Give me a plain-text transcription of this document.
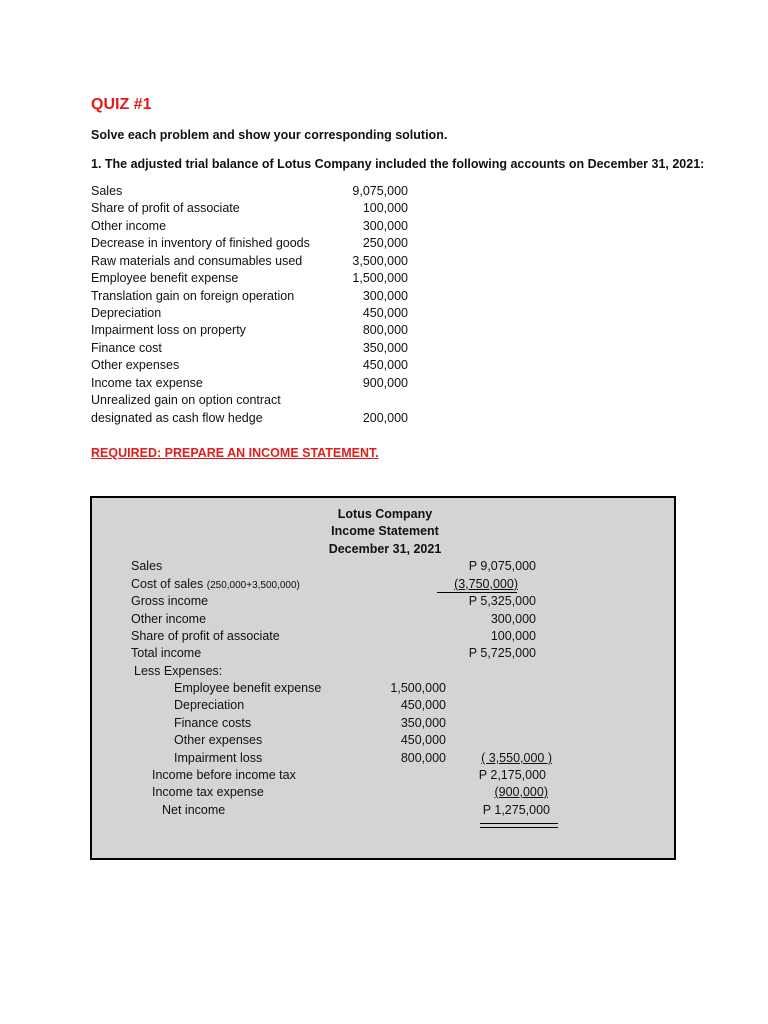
QUIZ #1
Solve each problem and show your corresponding solution.
1. The adjusted trial balance of Lotus Company included the following accounts on December 31, 2021:
Sales	9,075,000
Share of profit of associate	100,000
Other income	300,000
Decrease in inventory of finished goods	250,000
Raw materials and consumables used	3,500,000
Employee benefit expense	1,500,000
Translation gain on foreign operation	300,000
Depreciation	450,000
Impairment loss on property	800,000
Finance cost	350,000
Other expenses	450,000
Income tax expense	900,000
Unrealized gain on option contract
designated as cash flow hedge	200,000
REQUIRED: PREPARE AN INCOME STATEMENT.
Lotus Company
Income Statement
December 31, 2021
Sales	P 9,075,000
Cost of sales (250,000+3,500,000)	(3,750,000)
Gross income	P 5,325,000
Other income	300,000
Share of profit of associate	100,000
Total income	P 5,725,000
Less Expenses:
Employee benefit expense	1,500,000
Depreciation	450,000
Finance costs	350,000
Other expenses	450,000
Impairment loss	800,000	( 3,550,000 )
Income before income tax	P 2,175,000
Income tax expense	(900,000)
Net income	P 1,275,000
